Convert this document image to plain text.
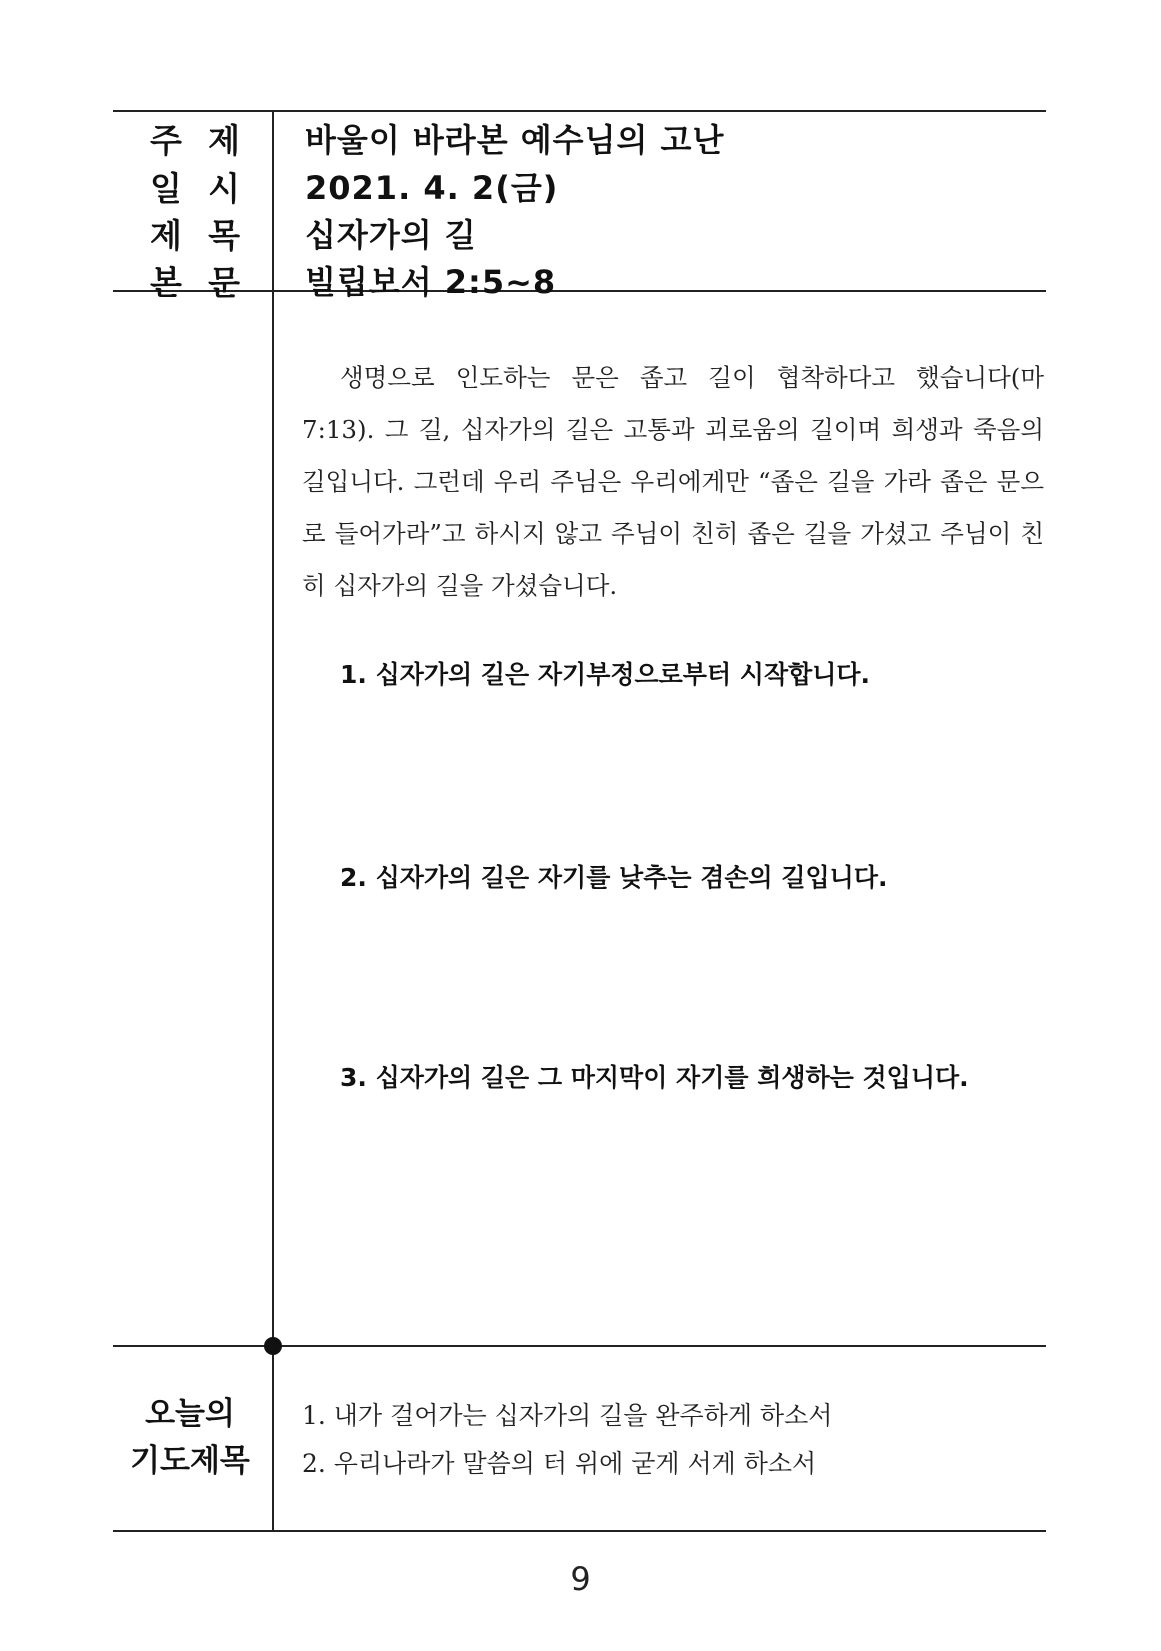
주 제 바울이 바라본 예수님의 고난
일 시 2021. 4. 2(금)
제 목 십자가의 길
본 문 빌립보서 2:5~8

생명으로 인도하는 문은 좁고 길이 협착하다고 했습니다(마 7:13). 그 길, 십자가의 길은 고통과 괴로움의 길이며 희생과 죽음의 길입니다. 그런데 우리 주님은 우리에게만 “좁은 길을 가라 좁은 문으로 들어가라”고 하시지 않고 주님이 친히 좁은 길을 가셨고 주님이 친히 십자가의 길을 가셨습니다.

1. 십자가의 길은 자기부정으로부터 시작합니다.
2. 십자가의 길은 자기를 낮추는 겸손의 길입니다.
3. 십자가의 길은 그 마지막이 자기를 희생하는 것입니다.
오늘의
기도제목
1. 내가 걸어가는 십자가의 길을 완주하게 하소서
2. 우리나라가 말씀의 터 위에 굳게 서게 하소서
9
